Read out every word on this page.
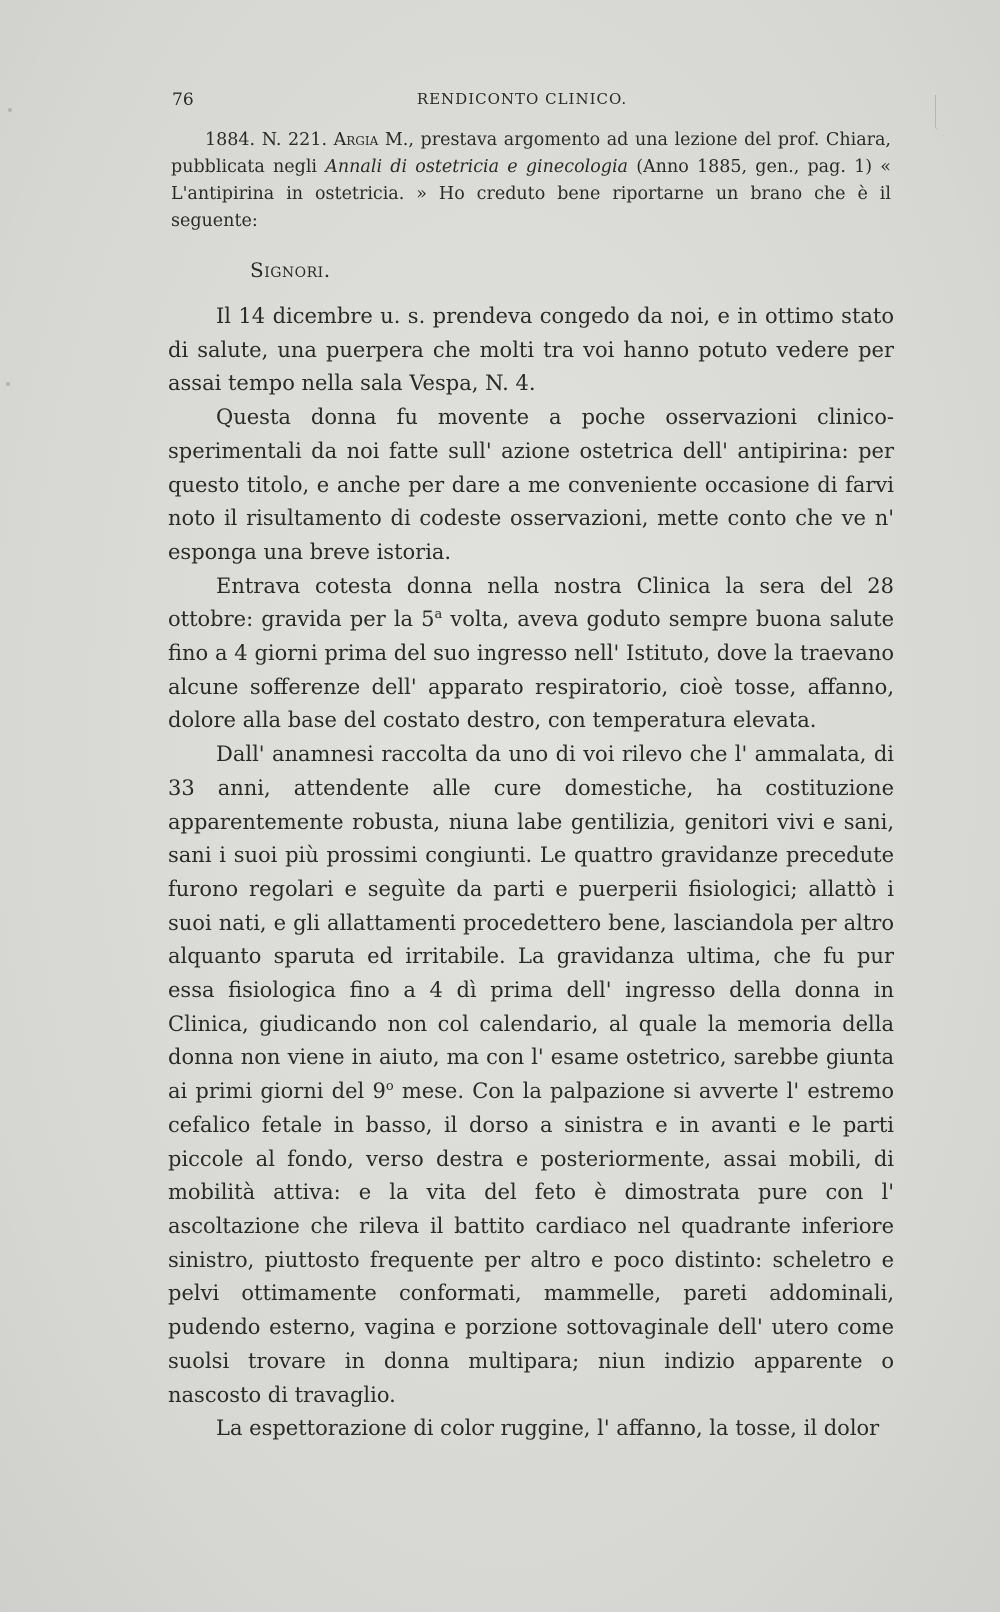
76	RENDICONTO CLINICO.
1884. N. 221. Argia M., prestava argomento ad una lezione del prof. Chiara, pubblicata negli Annali di ostetricia e ginecologia (Anno 1885, gen., pag. 1) « L'antipirina in ostetricia. » Ho creduto bene riportarne un brano che è il seguente:
Signori.

Il 14 dicembre u. s. prendeva congedo da noi, e in ottimo stato di salute, una puerpera che molti tra voi hanno potuto vedere per assai tempo nella sala Vespa, N. 4.

Questa donna fu movente a poche osservazioni clinico-sperimentali da noi fatte sull' azione ostetrica dell' antipirina: per questo titolo, e anche per dare a me conveniente occasione di farvi noto il risultamento di codeste osservazioni, mette conto che ve n' esponga una breve istoria.

Entrava cotesta donna nella nostra Clinica la sera del 28 ottobre: gravida per la 5$^a$ volta, aveva goduto sempre buona salute fino a 4 giorni prima del suo ingresso nell' Istituto, dove la traevano alcune sofferenze dell' apparato respiratorio, cioè tosse, affanno, dolore alla base del costato destro, con temperatura elevata.

Dall' anamnesi raccolta da uno di voi rilevo che l' ammalata, di 33 anni, attendente alle cure domestiche, ha costituzione apparentemente robusta, niuna labe gentilizia, genitori vivi e sani, sani i suoi più prossimi congiunti. Le quattro gravidanze precedute furono regolari e seguìte da parti e puerperii fisiologici; allattò i suoi nati, e gli allattamenti procedettero bene, lasciandola per altro alquanto sparuta ed irritabile. La gravidanza ultima, che fu pur essa fisiologica fino a 4 dì prima dell' ingresso della donna in Clinica, giudicando non col calendario, al quale la memoria della donna non viene in aiuto, ma con l' esame ostetrico, sarebbe giunta ai primi giorni del 9$^o$ mese. Con la palpazione si avverte l' estremo cefalico fetale in basso, il dorso a sinistra e in avanti e le parti piccole al fondo, verso destra e posteriormente, assai mobili, di mobilità attiva: e la vita del feto è dimostrata pure con l' ascoltazione che rileva il battito cardiaco nel quadrante inferiore sinistro, piuttosto frequente per altro e poco distinto: scheletro e pelvi ottimamente conformati, mammelle, pareti addominali, pudendo esterno, vagina e porzione sottovaginale dell' utero come suolsi trovare in donna multipara; niun indizio apparente o nascosto di travaglio.

La espettorazione di color ruggine, l' affanno, la tosse, il dolor
